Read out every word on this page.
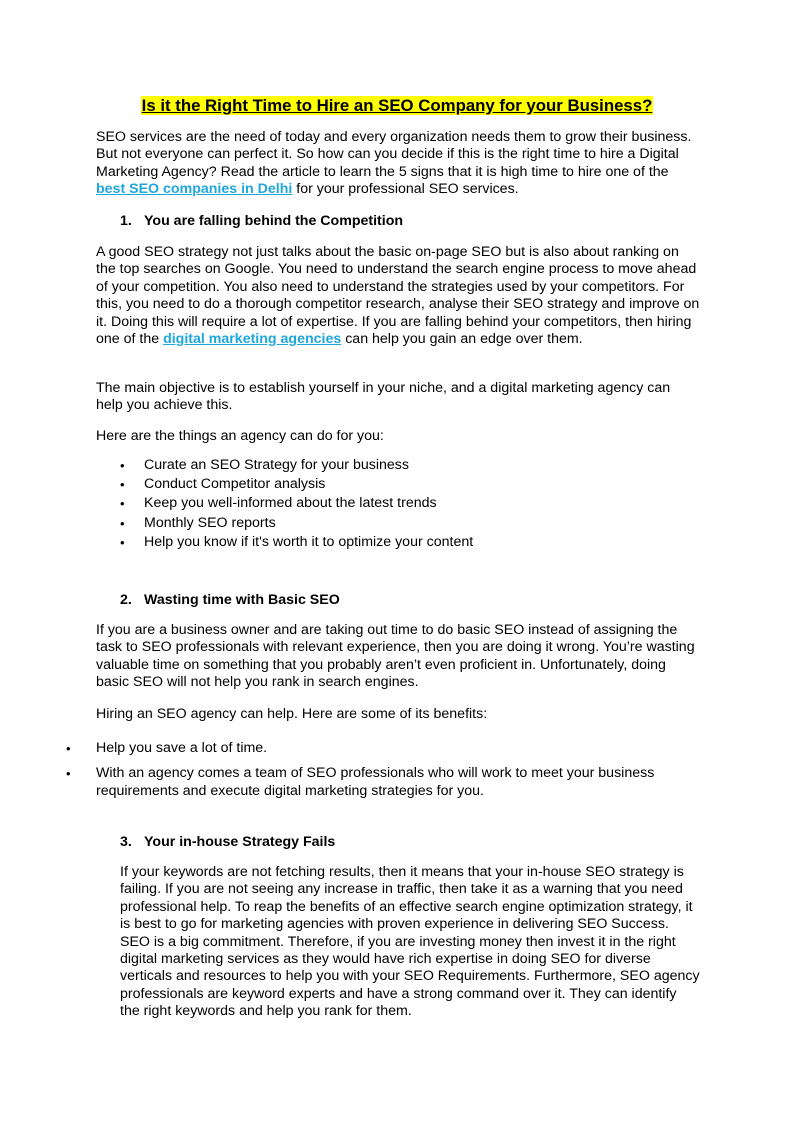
Is it the Right Time to Hire an SEO Company for your Business?

SEO services are the need of today and every organization needs them to grow their business. But not everyone can perfect it. So how can you decide if this is the right time to hire a Digital Marketing Agency? Read the article to learn the 5 signs that it is high time to hire one of the best SEO companies in Delhi for your professional SEO services.

1. You are falling behind the Competition

A good SEO strategy not just talks about the basic on-page SEO but is also about ranking on the top searches on Google. You need to understand the search engine process to move ahead of your competition. You also need to understand the strategies used by your competitors. For this, you need to do a thorough competitor research, analyse their SEO strategy and improve on it. Doing this will require a lot of expertise. If you are falling behind your competitors, then hiring one of the digital marketing agencies can help you gain an edge over them.

The main objective is to establish yourself in your niche, and a digital marketing agency can help you achieve this.

Here are the things an agency can do for you:

• Curate an SEO Strategy for your business
• Conduct Competitor analysis
• Keep you well-informed about the latest trends
• Monthly SEO reports
• Help you know if it's worth it to optimize your content
2. Wasting time with Basic SEO

If you are a business owner and are taking out time to do basic SEO instead of assigning the task to SEO professionals with relevant experience, then you are doing it wrong. You’re wasting valuable time on something that you probably aren’t even proficient in. Unfortunately, doing basic SEO will not help you rank in search engines.

Hiring an SEO agency can help. Here are some of its benefits:

• Help you save a lot of time.
• With an agency comes a team of SEO professionals who will work to meet your business requirements and execute digital marketing strategies for you.
3. Your in-house Strategy Fails

If your keywords are not fetching results, then it means that your in-house SEO strategy is failing. If you are not seeing any increase in traffic, then take it as a warning that you need professional help. To reap the benefits of an effective search engine optimization strategy, it is best to go for marketing agencies with proven experience in delivering SEO Success. SEO is a big commitment. Therefore, if you are investing money then invest it in the right digital marketing services as they would have rich expertise in doing SEO for diverse verticals and resources to help you with your SEO Requirements. Furthermore, SEO agency professionals are keyword experts and have a strong command over it. They can identify the right keywords and help you rank for them.
